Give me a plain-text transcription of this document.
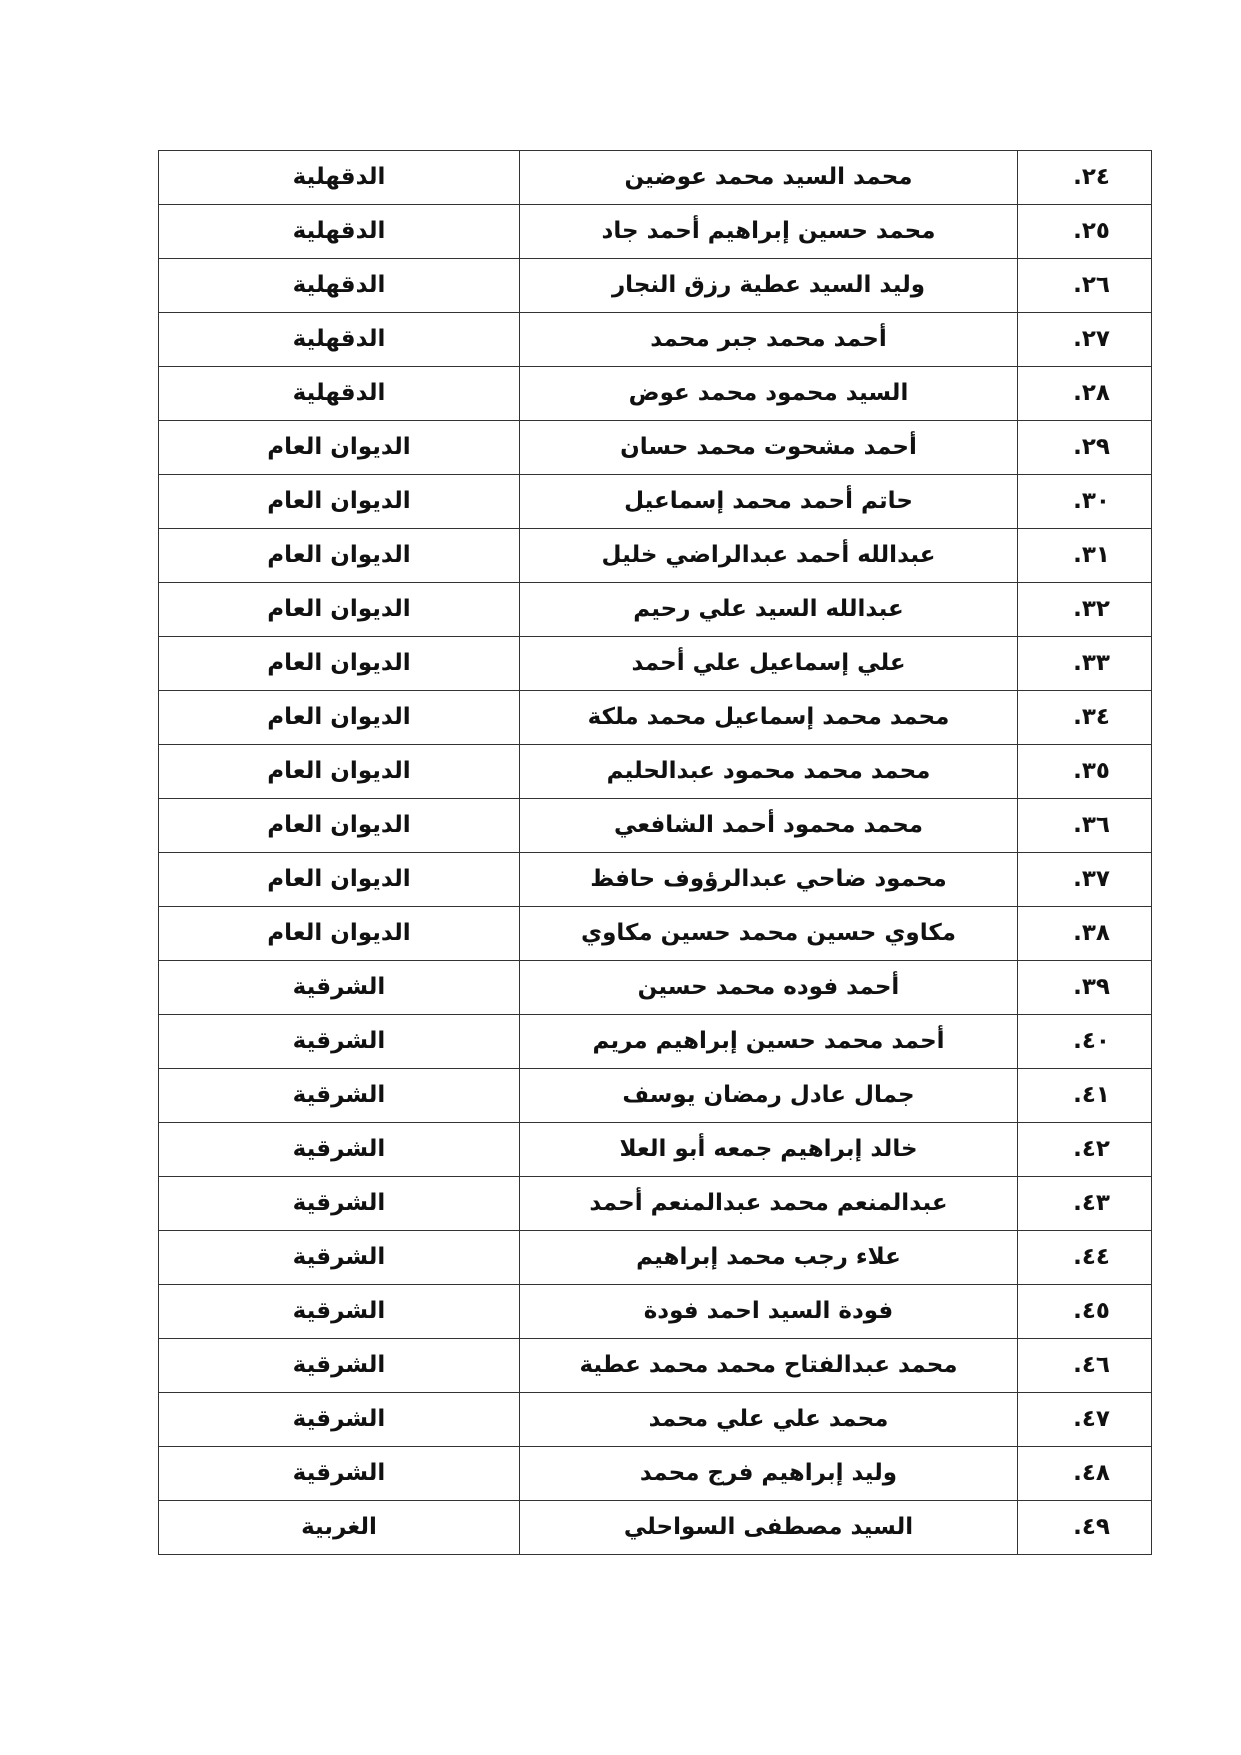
٢٤.	محمد السيد محمد عوضين	الدقهلية
٢٥.	محمد حسين إبراهيم أحمد جاد	الدقهلية
٢٦.	وليد السيد عطية رزق النجار	الدقهلية
٢٧.	أحمد محمد جبر محمد	الدقهلية
٢٨.	السيد محمود محمد عوض	الدقهلية
٢٩.	أحمد مشحوت محمد حسان	الديوان العام
٣٠.	حاتم أحمد محمد إسماعيل	الديوان العام
٣١.	عبدالله أحمد عبدالراضي خليل	الديوان العام
٣٢.	عبدالله السيد علي رحيم	الديوان العام
٣٣.	علي إسماعيل علي أحمد	الديوان العام
٣٤.	محمد محمد إسماعيل محمد ملكة	الديوان العام
٣٥.	محمد محمد محمود عبدالحليم	الديوان العام
٣٦.	محمد محمود أحمد الشافعي	الديوان العام
٣٧.	محمود ضاحي عبدالرؤوف حافظ	الديوان العام
٣٨.	مكاوي حسين محمد حسين مكاوي	الديوان العام
٣٩.	أحمد فوده محمد حسين	الشرقية
٤٠.	أحمد محمد حسين إبراهيم مريم	الشرقية
٤١.	جمال عادل رمضان يوسف	الشرقية
٤٢.	خالد إبراهيم جمعه أبو العلا	الشرقية
٤٣.	عبدالمنعم محمد عبدالمنعم أحمد	الشرقية
٤٤.	علاء رجب محمد إبراهيم	الشرقية
٤٥.	فودة السيد احمد فودة	الشرقية
٤٦.	محمد عبدالفتاح محمد محمد عطية	الشرقية
٤٧.	محمد علي علي محمد	الشرقية
٤٨.	وليد إبراهيم فرج محمد	الشرقية
٤٩.	السيد مصطفى السواحلي	الغربية
